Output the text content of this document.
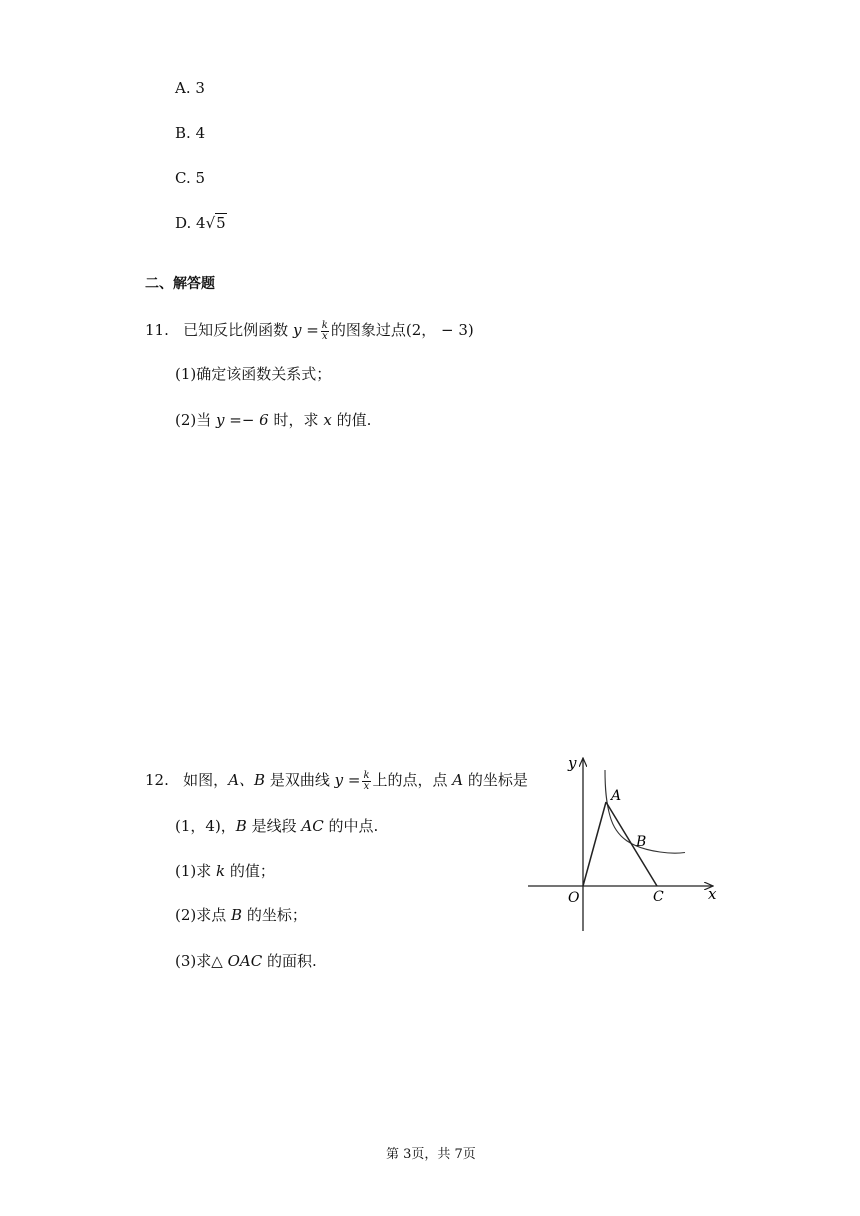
A. 3
B. 4
C. 5
D. 4√5
二、解答题
11. 已知反比例函数 $y = \frac{k}{x}$ 的图象过点(2， − 3)
(1)确定该函数关系式；
(2)当 y =− 6 时，求 x 的值.
12. 如图，A、B 是双曲线 $y = \frac{k}{x}$ 上的点，点 A 的坐标是
(1，4)，B 是线段 AC 的中点.
(1)求 k 的值；
(2)求点 B 的坐标；
(3)求△ OAC 的面积.
y
x
O
A
B
C
第 3页，共 7页
